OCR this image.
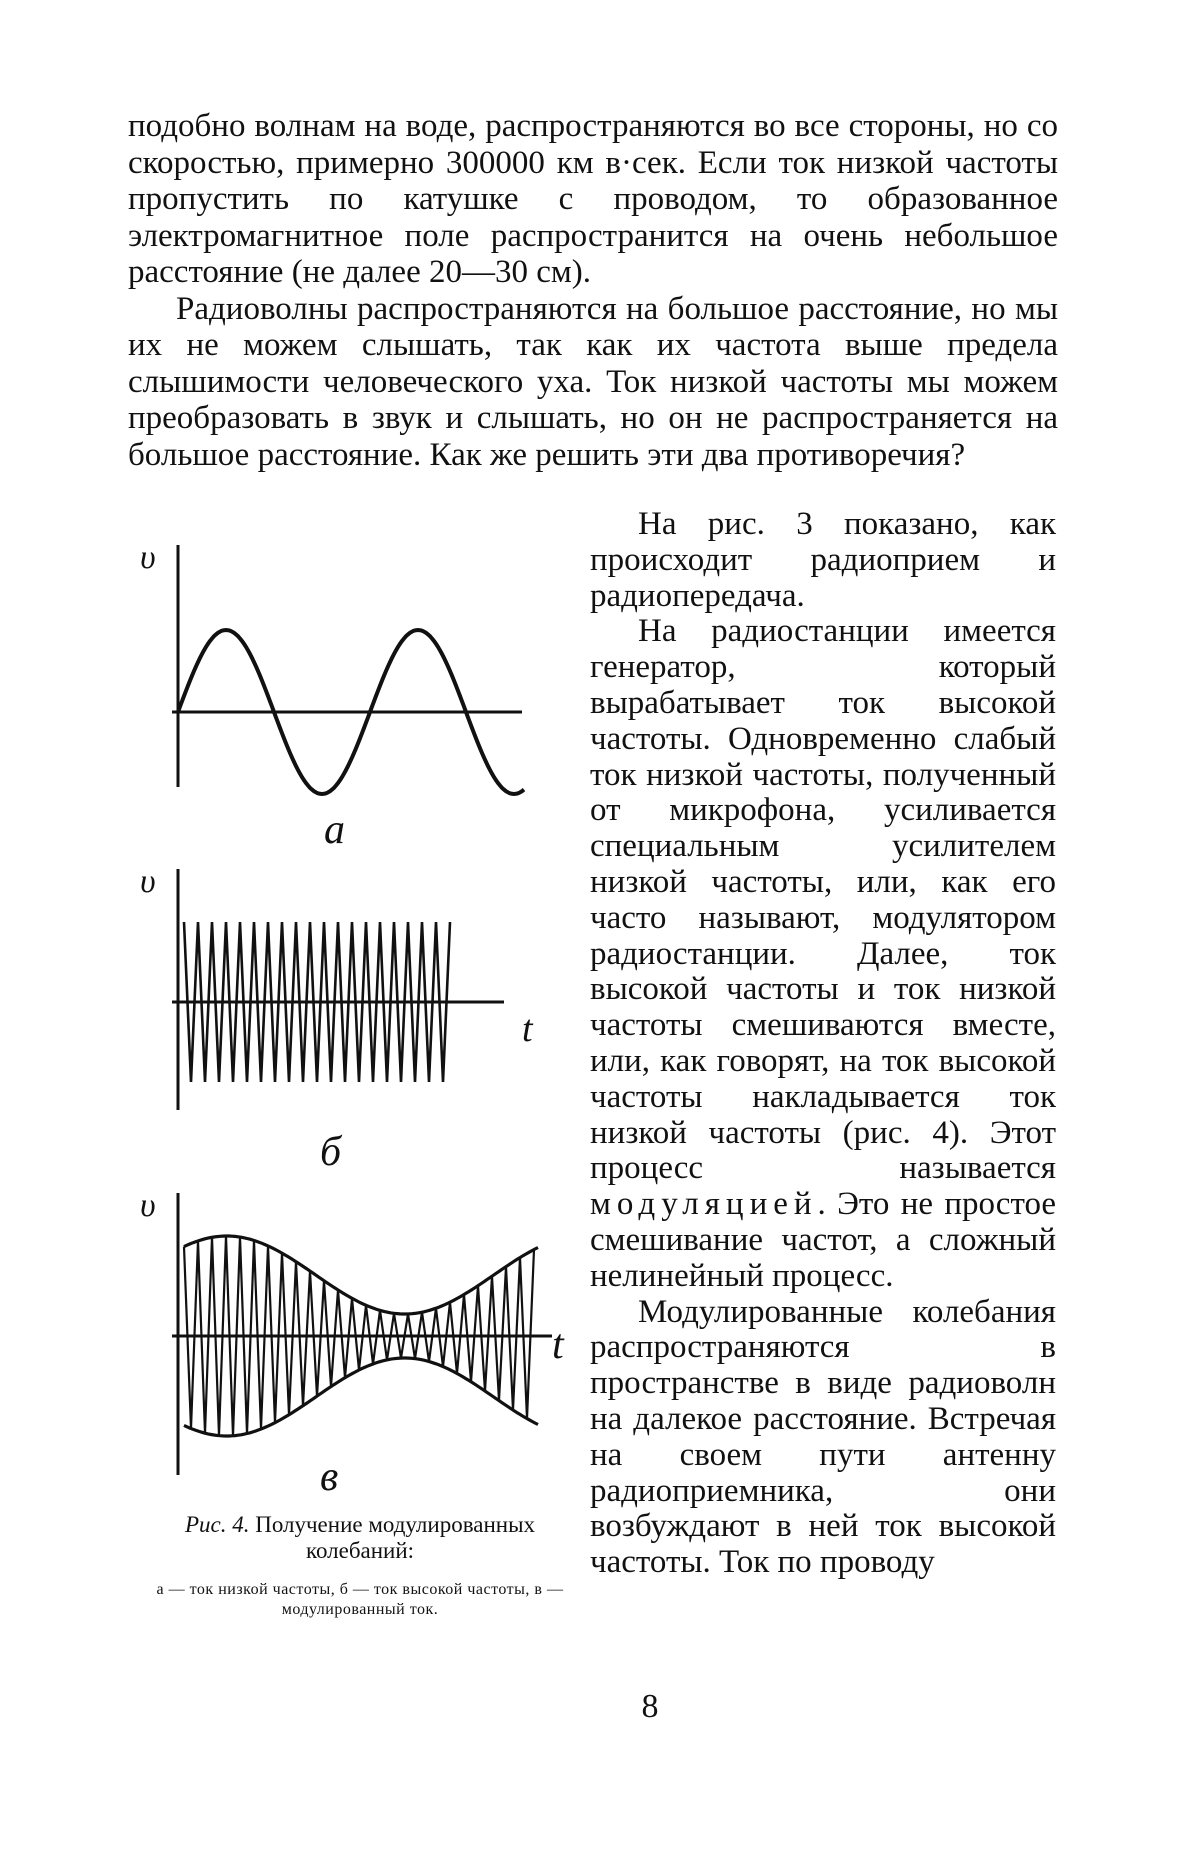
подобно волнам на воде, распространяются во все стороны, но со скоростью, примерно 300000 км в·сек. Если ток низкой частоты пропустить по катушке с проводом, то образованное электромагнитное поле распространится на очень небольшое расстояние (не далее 20—30 см).

Радиоволны распространяются на большое расстояние, но мы их не можем слышать, так как их частота выше предела слышимости человеческого уха. Ток низкой частоты мы можем преобразовать в звук и слышать, но он не распространяется на большое расстояние. Как же решить эти два противоречия?

υ
υ
υ
t
t
а
б
в
Рис. 4. Получение модулированных колебаний:
а — ток низкой частоты, б — ток высокой частоты, в — модулированный ток.

На рис. 3 показано, как происходит радиоприем и радиопередача.

На радиостанции имеется генератор, который вырабатывает ток высокой частоты. Одновременно слабый ток низкой частоты, полученный от микрофона, усиливается специальным усилителем низкой частоты, или, как его часто называют, модулятором радиостанции. Далее, ток высокой частоты и ток низкой частоты смешиваются вместе, или, как говорят, на ток высокой частоты накладывается ток низкой частоты (рис. 4). Этот процесс называется модуляцией. Это не простое смешивание частот, а сложный нелинейный процесс.

Модулированные колебания распространяются в пространстве в виде радиоволн на далекое расстояние. Встречая на своем пути антенну радиоприемника, они возбуждают в ней ток высокой частоты. Ток по проводу

8
